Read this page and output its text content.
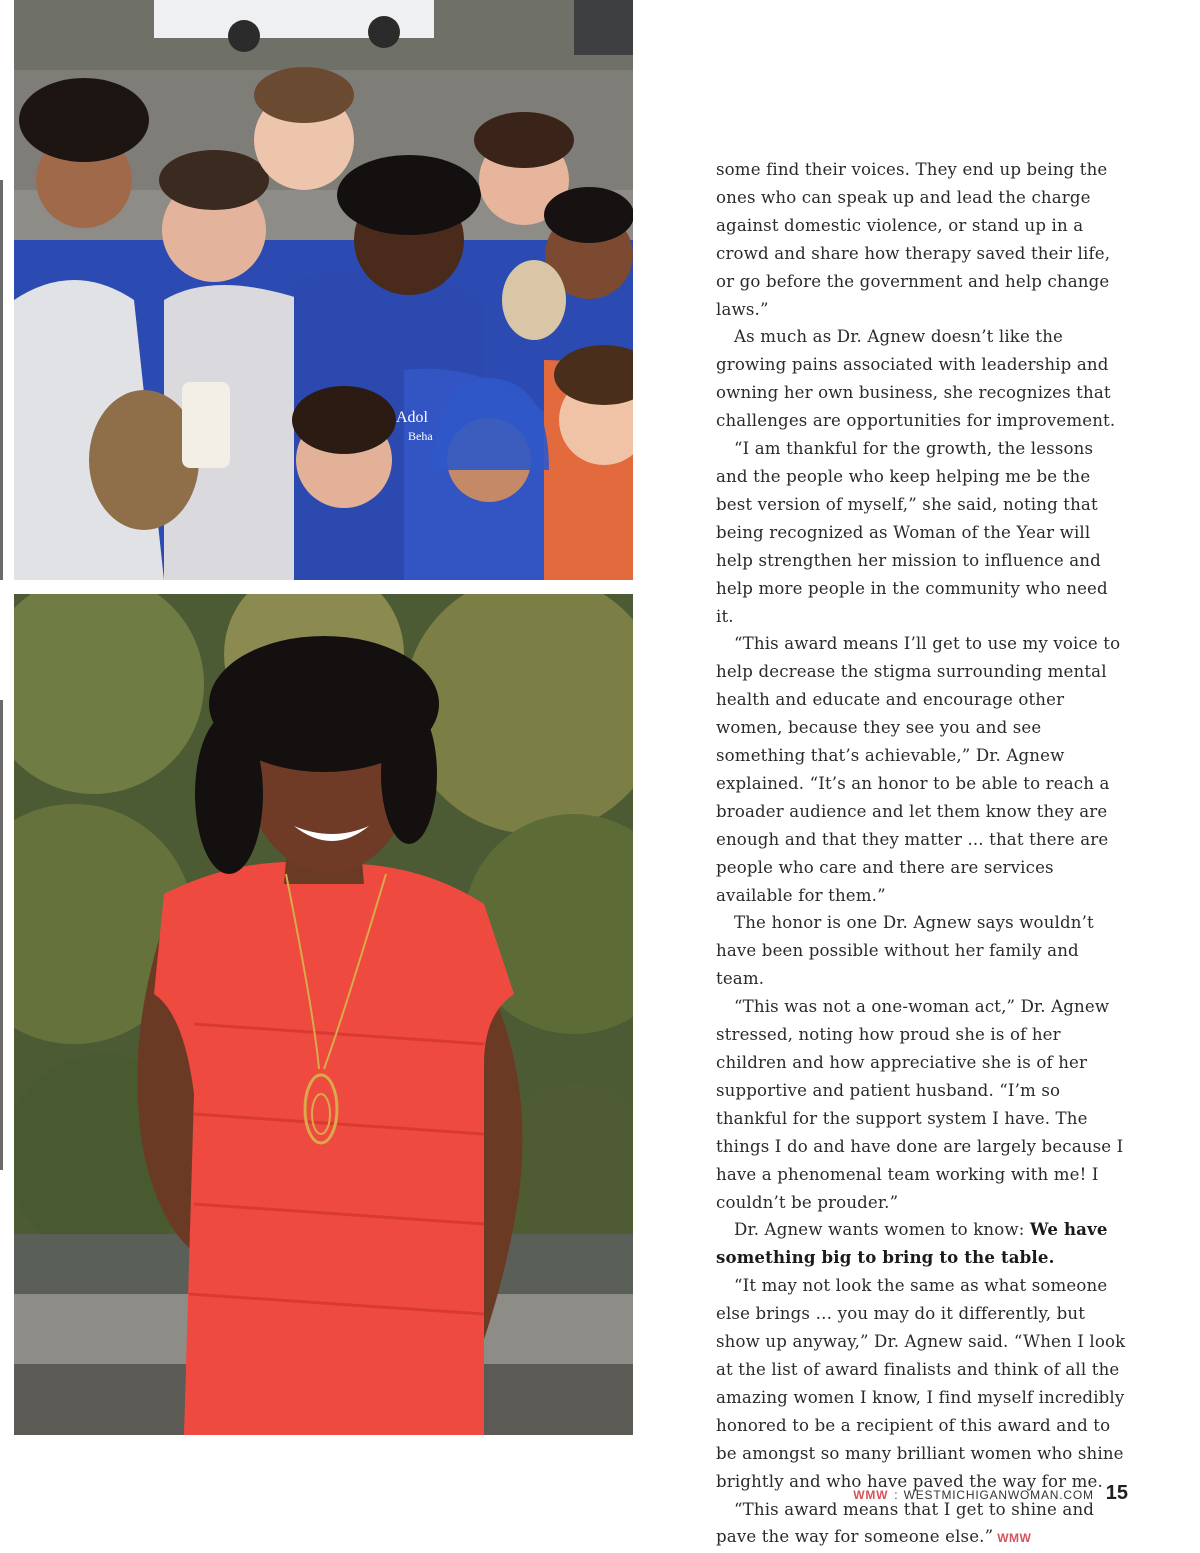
Adol
Beha

some find their voices. They end up being the ones who can speak up and lead the charge against domestic violence, or stand up in a crowd and share how therapy saved their life, or go before the government and help change laws.”

As much as Dr. Agnew doesn’t like the growing pains associated with leadership and owning her own business, she recognizes that challenges are opportunities for improvement.

“I am thankful for the growth, the lessons and the people who keep helping me be the best version of myself,” she said, noting that being recognized as Woman of the Year will help strengthen her mission to influence and help more people in the community who need it.

“This award means I’ll get to use my voice to help decrease the stigma surrounding mental health and educate and encourage other women, because they see you and see something that’s achievable,” Dr. Agnew explained. “It’s an honor to be able to reach a broader audience and let them know they are enough and that they matter ... that there are people who care and there are services available for them.”

The honor is one Dr. Agnew says wouldn’t have been possible without her family and team.

“This was not a one-woman act,” Dr. Agnew stressed, noting how proud she is of her children and how appreciative she is of her supportive and patient husband. “I’m so thankful for the support system I have. The things I do and have done are largely because I have a phenomenal team working with me! I couldn’t be prouder.”

Dr. Agnew wants women to know: We have something big to bring to the table.

“It may not look the same as what someone else brings … you may do it differently, but show up anyway,” Dr. Agnew said. “When I look at the list of award finalists and think of all the amazing women I know, I find myself incredibly honored to be a recipient of this award and to be amongst so many brilliant women who shine brightly and who have paved the way for me.

“This award means that I get to shine and pave the way for someone else.” WMW

WMW : WESTMICHIGANWOMAN.COM 15
